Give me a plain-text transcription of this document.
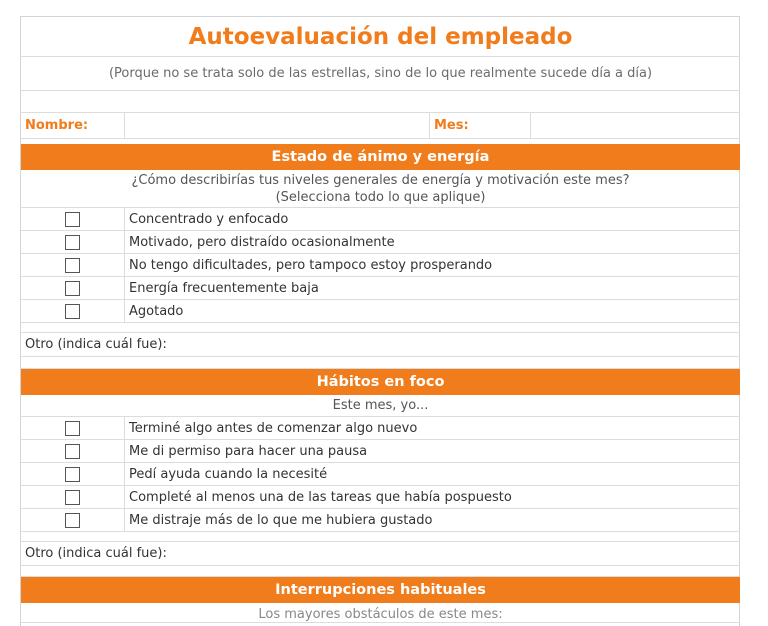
Autoevaluación del empleado
(Porque no se trata solo de las estrellas, sino de lo que realmente sucede día a día)
Nombre:	Mes:
Estado de ánimo y energía
¿Cómo describirías tus niveles generales de energía y motivación este mes?
(Selecciona todo lo que aplique)
Concentrado y enfocado
Motivado, pero distraído ocasionalmente
No tengo dificultades, pero tampoco estoy prosperando
Energía frecuentemente baja
Agotado
Otro (indica cuál fue):
Hábitos en foco
Este mes, yo...
Terminé algo antes de comenzar algo nuevo
Me di permiso para hacer una pausa
Pedí ayuda cuando la necesité
Completé al menos una de las tareas que había pospuesto
Me distraje más de lo que me hubiera gustado
Otro (indica cuál fue):
Interrupciones habituales
Los mayores obstáculos de este mes:
